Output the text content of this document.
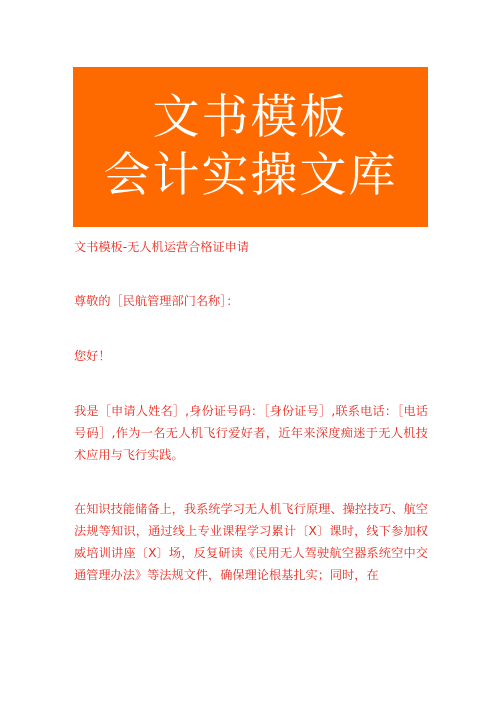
文书模板
会计实操文库

文书模板-无人机运营合格证申请

尊敬的［民航管理部门名称］：

您好！

我是［申请人姓名］,身份证号码：［身份证号］,联系电话：［电话号码］,作为一名无人机飞行爱好者，近年来深度痴迷于无人机技术应用与飞行实践。

在知识技能储备上，我系统学习无人机飞行原理、操控技巧、航空法规等知识，通过线上专业课程学习累计〔X〕课时，线下参加权威培训讲座〔X〕场，反复研读《民用无人驾驶航空器系统空中交通管理办法》等法规文件，确保理论根基扎实；同时，在
